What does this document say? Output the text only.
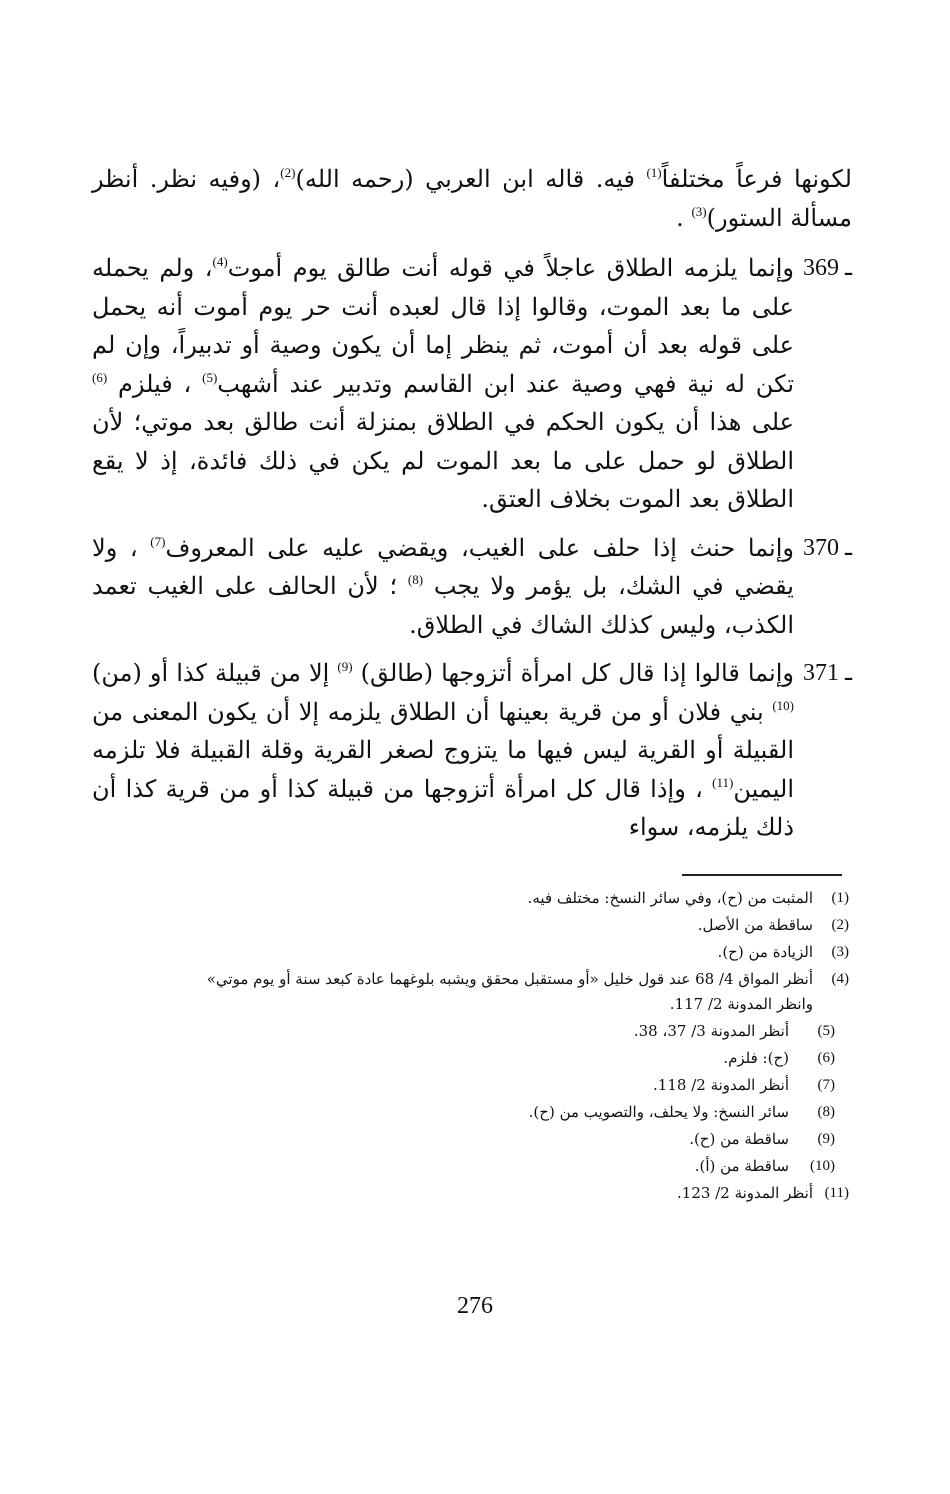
لكونها فرعاً مختلفاً$^{(1)}$ فيه. قاله ابن العربي (رحمه الله)$^{(2)}$، (وفيه نظر. أنظر مسألة الستور)$^{(3)}$ .

369 ـ
وإنما يلزمه الطلاق عاجلاً في قوله أنت طالق يوم أموت$^{(4)}$، ولم يحمله على ما بعد الموت، وقالوا إذا قال لعبده أنت حر يوم أموت أنه يحمل على قوله بعد أن أموت، ثم ينظر إما أن يكون وصية أو تدبيراً، وإن لم تكن له نية فهي وصية عند ابن القاسم وتدبير عند أشهب$^{(5)}$ ، فيلزم $^{(6)}$ على هذا أن يكون الحكم في الطلاق بمنزلة أنت طالق بعد موتي؛ لأن الطلاق لو حمل على ما بعد الموت لم يكن في ذلك فائدة، إذ لا يقع الطلاق بعد الموت بخلاف العتق.

370 ـ
وإنما حنث إذا حلف على الغيب، ويقضي عليه على المعروف$^{(7)}$ ، ولا يقضي في الشك، بل يؤمر ولا يجب $^{(8)}$ ؛ لأن الحالف على الغيب تعمد الكذب، وليس كذلك الشاك في الطلاق.

371 ـ
وإنما قالوا إذا قال كل امرأة أتزوجها (طالق) $^{(9)}$ إلا من قبيلة كذا أو (من) $^{(10)}$ بني فلان أو من قرية بعينها أن الطلاق يلزمه إلا أن يكون المعنى من القبيلة أو القرية ليس فيها ما يتزوج لصغر القرية وقلة القبيلة فلا تلزمه اليمين$^{(11)}$ ، وإذا قال كل امرأة أتزوجها من قبيلة كذا أو من قرية كذا أن ذلك يلزمه، سواء

(1)
المثبت من (ح)، وفي سائر النسخ: مختلف فيه.
(2)
ساقطة من الأصل.
(3)
الزيادة من (ح).
(4)
أنظر المواق 4/ 68 عند قول خليل «أو مستقبل محقق ويشبه بلوغهما عادة كبعد سنة أو يوم موتي»
وانظر المدونة 2/ 117.
(5)
أنظر المدونة 3/ 37، 38.
(6)
(ح): فلزم.
(7)
أنظر المدونة 2/ 118.
(8)
سائر النسخ: ولا يحلف، والتصويب من (ح).
(9)
ساقطة من (ح).
(10)
ساقطة من (أ).
(11)
أنظر المدونة 2/ 123.
276
